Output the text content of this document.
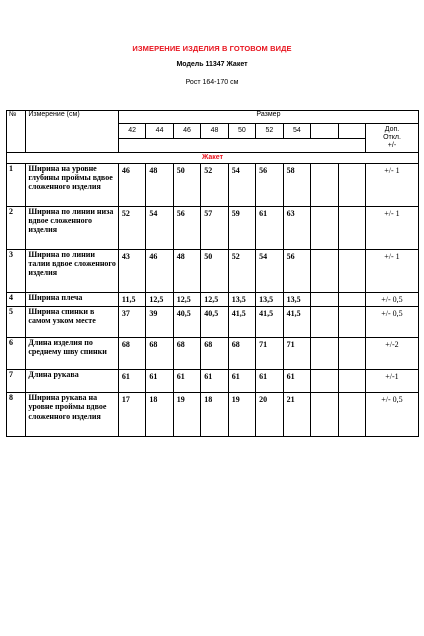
ИЗМЕРЕНИЕ ИЗДЕЛИЯ В ГОТОВОМ ВИДЕ
Модель 11347 Жакет
Рост 164-170 см
№	Измерение (см)	Размер									
		42	44	46	48	50	52	54			Доп.
Откл.
+/-

Жакет											
1	Ширина на уровне глубины проймы вдвое сложенного изделия	46	48	50	52	54	56	58			+/- 1
2	Ширина по линии низа вдвое сложенного изделия	52	54	56	57	59	61	63			+/- 1
3	Ширина по линии талии вдвое сложенного изделия	43	46	48	50	52	54	56			+/- 1
4	Ширина плеча	11,5	12,5	12,5	12,5	13,5	13,5	13,5			+/- 0,5
5	Ширина спинки в самом узком месте	37	39	40,5	40,5	41,5	41,5	41,5			+/- 0,5
6	Длина изделия по среднему шву спинки	68	68	68	68	68	71	71			+/-2
7	Длина рукава	61	61	61	61	61	61	61			+/-1
8	Ширина рукава на уровне проймы вдвое сложенного изделия	17	18	19	18	19	20	21			+/- 0,5
